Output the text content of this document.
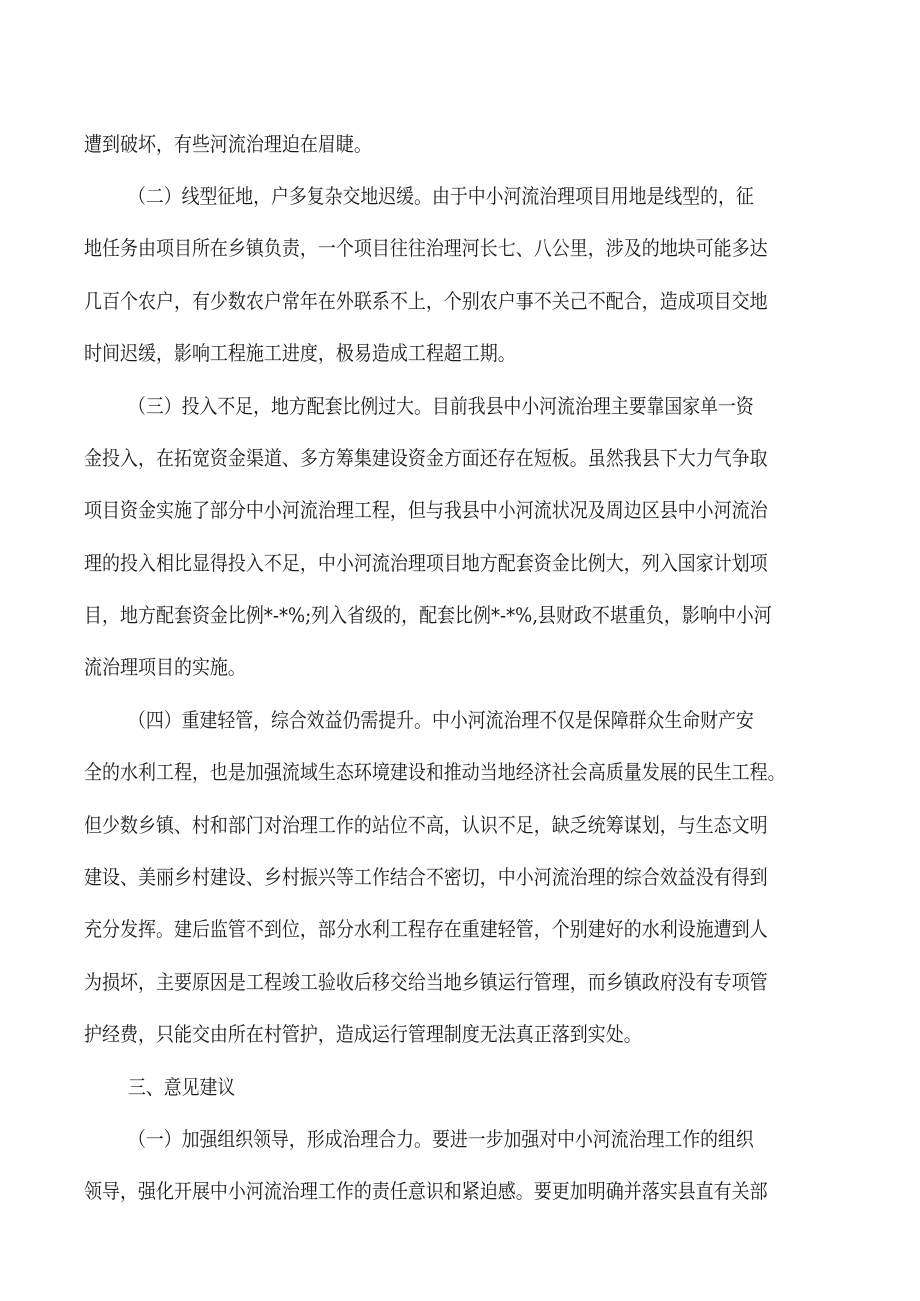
遭到破坏，有些河流治理迫在眉睫。
（二）线型征地，户多复杂交地迟缓。由于中小河流治理项目用地是线型的，征
地任务由项目所在乡镇负责，一个项目往往治理河长七、八公里，涉及的地块可能多达
几百个农户，有少数农户常年在外联系不上，个别农户事不关己不配合，造成项目交地
时间迟缓，影响工程施工进度，极易造成工程超工期。
（三）投入不足，地方配套比例过大。目前我县中小河流治理主要靠国家单一资
金投入，在拓宽资金渠道、多方筹集建设资金方面还存在短板。虽然我县下大力气争取
项目资金实施了部分中小河流治理工程，但与我县中小河流状况及周边区县中小河流治
理的投入相比显得投入不足，中小河流治理项目地方配套资金比例大，列入国家计划项
目，地方配套资金比例*-*%;列入省级的，配套比例*-*%,县财政不堪重负，影响中小河
流治理项目的实施。
（四）重建轻管，综合效益仍需提升。中小河流治理不仅是保障群众生命财产安
全的水利工程，也是加强流域生态环境建设和推动当地经济社会高质量发展的民生工程。
但少数乡镇、村和部门对治理工作的站位不高，认识不足，缺乏统筹谋划，与生态文明
建设、美丽乡村建设、乡村振兴等工作结合不密切，中小河流治理的综合效益没有得到
充分发挥。建后监管不到位，部分水利工程存在重建轻管，个别建好的水利设施遭到人
为损坏，主要原因是工程竣工验收后移交给当地乡镇运行管理，而乡镇政府没有专项管
护经费，只能交由所在村管护，造成运行管理制度无法真正落到实处。
三、意见建议
（一）加强组织领导，形成治理合力。要进一步加强对中小河流治理工作的组织
领导，强化开展中小河流治理工作的责任意识和紧迫感。要更加明确并落实县直有关部
